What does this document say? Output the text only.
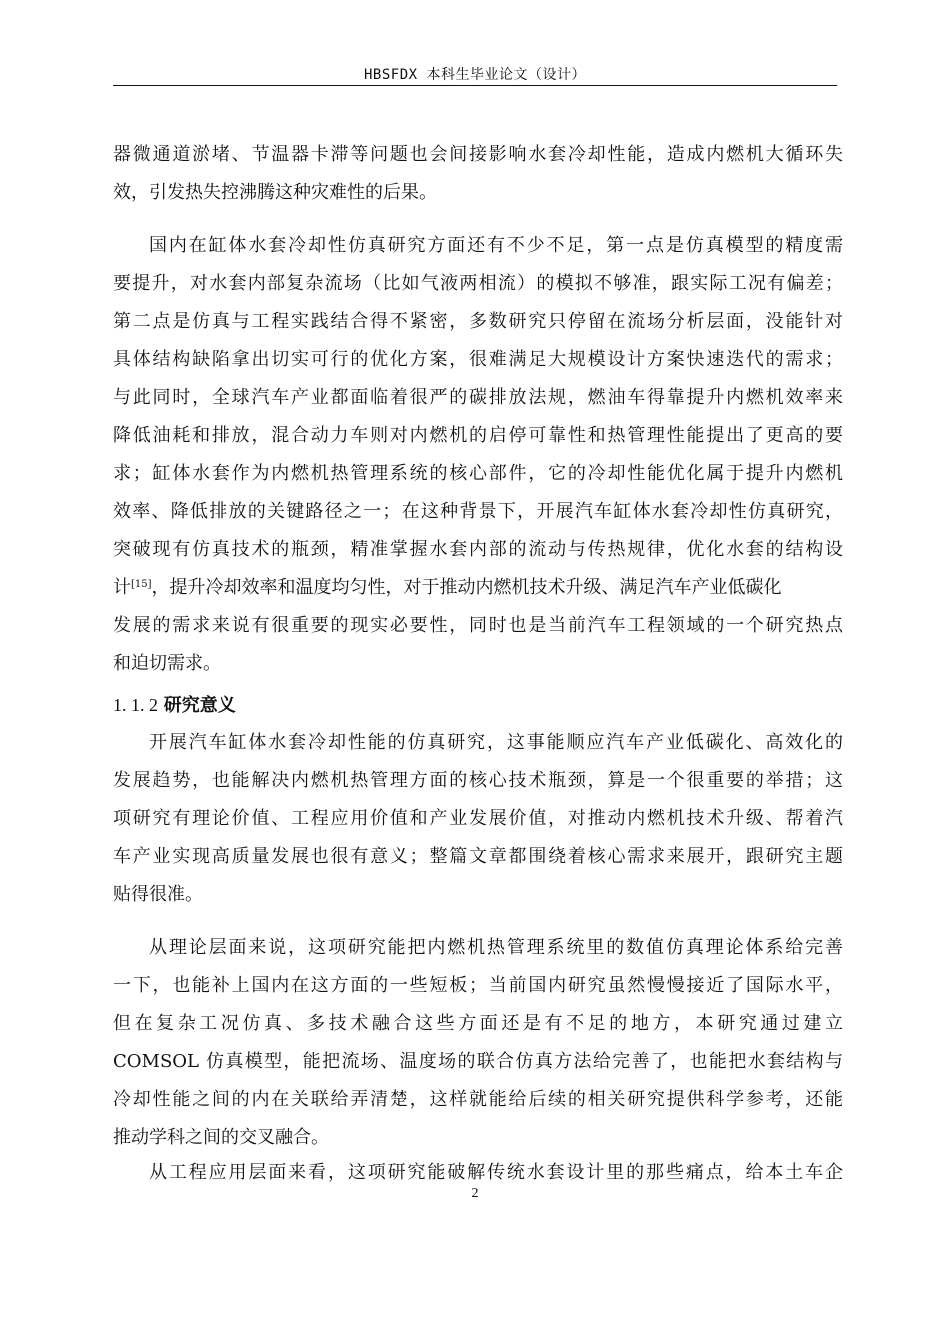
HBSFDX 本科生毕业论文（设计）
器微通道淤堵、节温器卡滞等问题也会间接影响水套冷却性能，造成内燃机大循环失
效，引发热失控沸腾这种灾难性的后果。
国内在缸体水套冷却性仿真研究方面还有不少不足，第一点是仿真模型的精度需
要提升，对水套内部复杂流场（比如气液两相流）的模拟不够准，跟实际工况有偏差；
第二点是仿真与工程实践结合得不紧密，多数研究只停留在流场分析层面，没能针对
具体结构缺陷拿出切实可行的优化方案，很难满足大规模设计方案快速迭代的需求；
与此同时，全球汽车产业都面临着很严的碳排放法规，燃油车得靠提升内燃机效率来
降低油耗和排放，混合动力车则对内燃机的启停可靠性和热管理性能提出了更高的要
求；缸体水套作为内燃机热管理系统的核心部件，它的冷却性能优化属于提升内燃机
效率、降低排放的关键路径之一；在这种背景下，开展汽车缸体水套冷却性仿真研究，
突破现有仿真技术的瓶颈，精准掌握水套内部的流动与传热规律，优化水套的结构设
计[15]，提升冷却效率和温度均匀性，对于推动内燃机技术升级、满足汽车产业低碳化
发展的需求来说有很重要的现实必要性，同时也是当前汽车工程领域的一个研究热点
和迫切需求。
1. 1. 2 研究意义
开展汽车缸体水套冷却性能的仿真研究，这事能顺应汽车产业低碳化、高效化的
发展趋势，也能解决内燃机热管理方面的核心技术瓶颈，算是一个很重要的举措；这
项研究有理论价值、工程应用价值和产业发展价值，对推动内燃机技术升级、帮着汽
车产业实现高质量发展也很有意义；整篇文章都围绕着核心需求来展开，跟研究主题
贴得很准。
从理论层面来说，这项研究能把内燃机热管理系统里的数值仿真理论体系给完善
一下，也能补上国内在这方面的一些短板；当前国内研究虽然慢慢接近了国际水平，
但在复杂工况仿真、多技术融合这些方面还是有不足的地方，本研究通过建立
COMSOL 仿真模型，能把流场、温度场的联合仿真方法给完善了，也能把水套结构与
冷却性能之间的内在关联给弄清楚，这样就能给后续的相关研究提供科学参考，还能
推动学科之间的交叉融合。
从工程应用层面来看，这项研究能破解传统水套设计里的那些痛点，给本土车企
2
